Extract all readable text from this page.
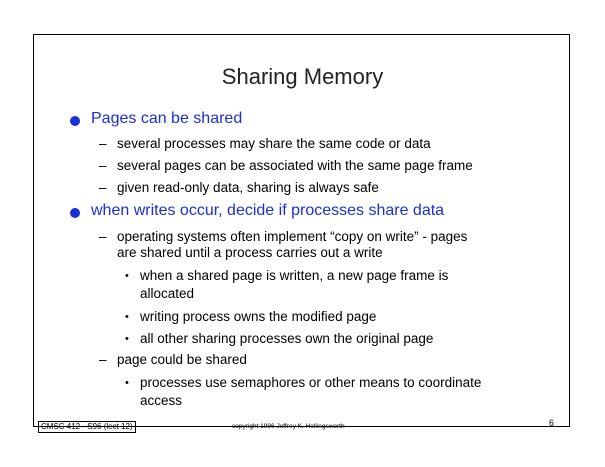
Sharing Memory
Pages can be shared
– several processes may share the same code or data
– several pages can be associated with the same page frame
– given read-only data, sharing is always safe
when writes occur, decide if processes share data
– operating systems often implement “copy on write” - pages
are shared until a process carries out a write
• when a shared page is written, a new page frame is
allocated
• writing process owns the modified page
• all other sharing processes own the original page
– page could be shared
• processes use semaphores or other means to coordinate
access
CMSC 412 - S96 (lect 12)	copyright 1996 Jeffrey K. Hollingsworth	6
